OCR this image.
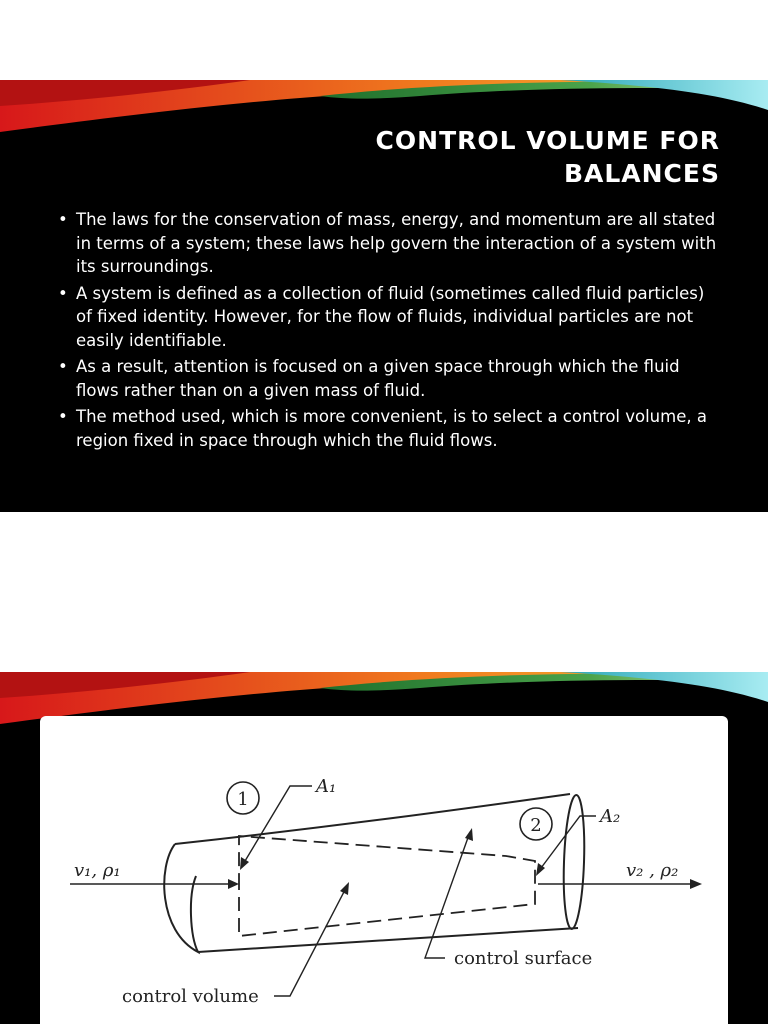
CONTROL VOLUME FOR
BALANCES
• The laws for the conservation of mass, energy, and momentum are all stated in terms of a system; these laws help govern the interaction of a system with its surroundings.
• A system is defined as a collection of fluid (sometimes called fluid particles) of fixed identity. However, for the flow of fluids, individual particles are not easily identifiable.
• As a result, attention is focused on a given space through which the fluid flows rather than on a given mass of fluid.
• The method used, which is more convenient, is to select a control volume, a region fixed in space through which the fluid flows.
1
2
A₁
A₂
control surface
control volume
v₁, ρ₁	v₂ , ρ₂
